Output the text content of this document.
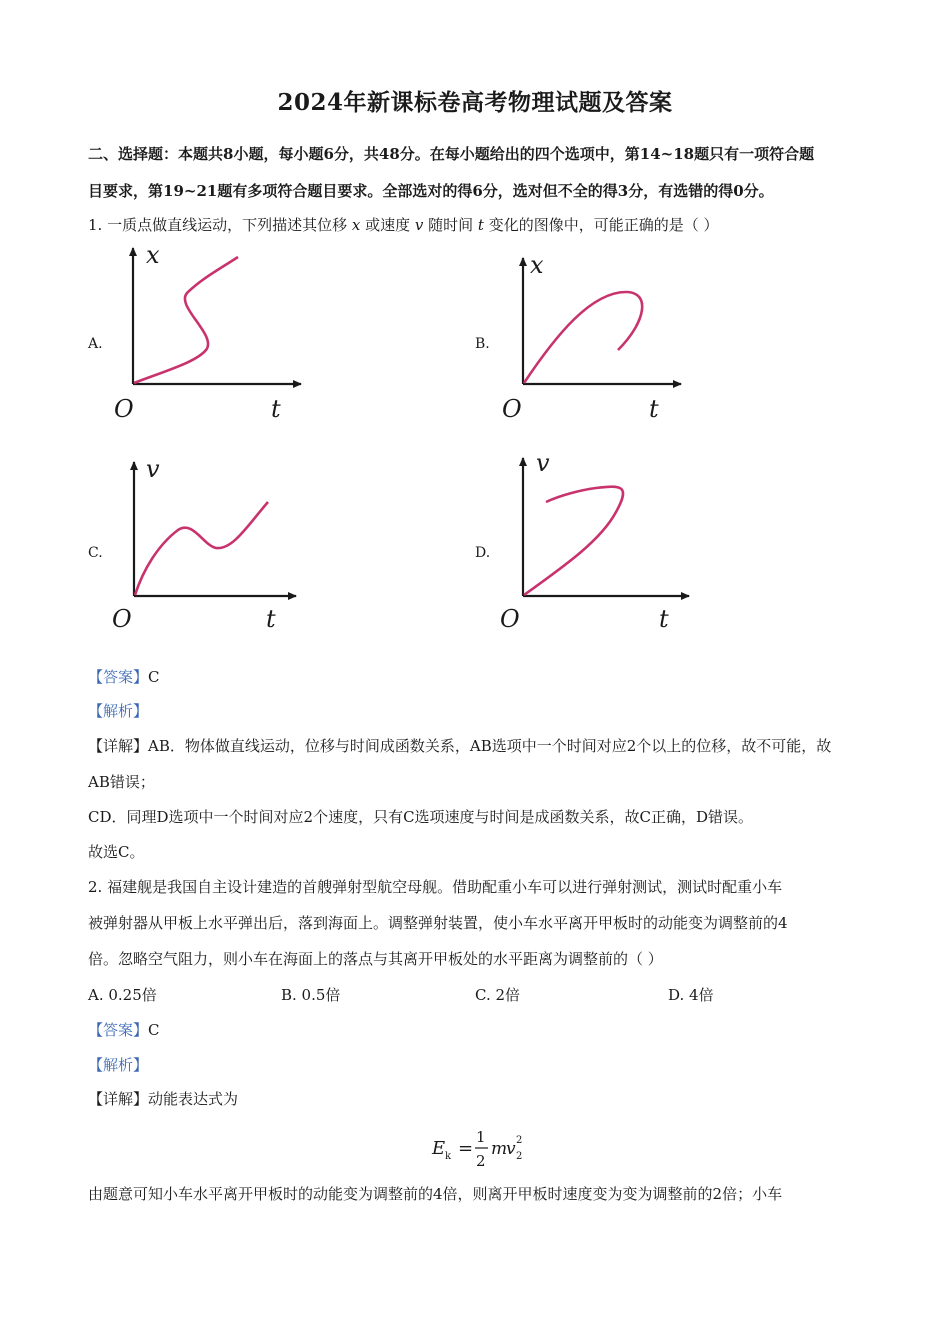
2024年新课标卷高考物理试题及答案
二、选择题：本题共8小题，每小题6分，共48分。在每小题给出的四个选项中，第14~18题只有一项符合题
目要求，第19~21题有多项符合题目要求。全部选对的得6分，选对但不全的得3分，有选错的得0分。
1. 一质点做直线运动，下列描述其位移 x 或速度 v 随时间 t 变化的图像中，可能正确的是（ ）
A.
x
O	t
B.
x
O	t
C.
v
O	t
D.
v
O	t
【答案】C
【解析】
【详解】AB．物体做直线运动，位移与时间成函数关系，AB选项中一个时间对应2个以上的位移，故不可能，故
AB错误；
CD．同理D选项中一个时间对应2个速度，只有C选项速度与时间是成函数关系，故C正确，D错误。
故选C。
2. 福建舰是我国自主设计建造的首艘弹射型航空母舰。借助配重小车可以进行弹射测试，测试时配重小车
被弹射器从甲板上水平弹出后，落到海面上。调整弹射装置，使小车水平离开甲板时的动能变为调整前的4
倍。忽略空气阻力，则小车在海面上的落点与其离开甲板处的水平距离为调整前的（ ）
A. 0.25倍	B. 0.5倍	C. 2倍	D. 4倍
【答案】C
【解析】
【详解】动能表达式为
E k =
1
2
m
v 2
2
由题意可知小车水平离开甲板时的动能变为调整前的4倍，则离开甲板时速度变为变为调整前的2倍；小车
